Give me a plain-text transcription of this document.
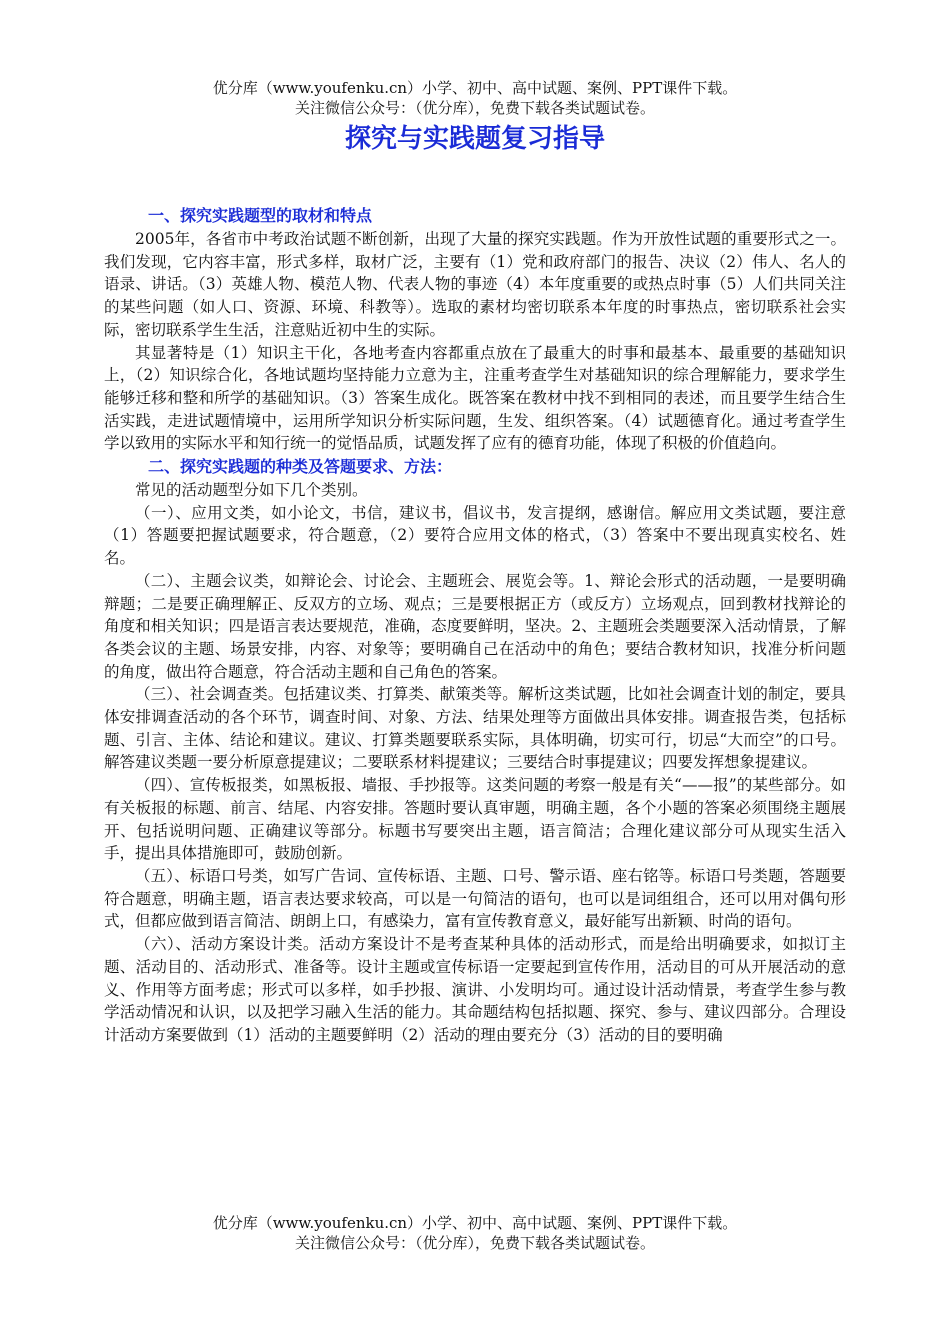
优分库（www.youfenku.cn）小学、初中、高中试题、案例、PPT课件下载。
关注微信公众号：（优分库），免费下载各类试题试卷。
探究与实践题复习指导
一、探究实践题型的取材和特点

2005年，各省市中考政治试题不断创新，出现了大量的探究实践题。作为开放性试题的重要形式之一。我们发现，它内容丰富，形式多样，取材广泛，主要有（1）党和政府部门的报告、决议（2）伟人、名人的语录、讲话。（3）英雄人物、模范人物、代表人物的事迹（4）本年度重要的或热点时事（5）人们共同关注的某些问题（如人口、资源、环境、科教等）。选取的素材均密切联系本年度的时事热点，密切联系社会实际，密切联系学生生活，注意贴近初中生的实际。

其显著特是（1）知识主干化，各地考查内容都重点放在了最重大的时事和最基本、最重要的基础知识上，（2）知识综合化，各地试题均坚持能力立意为主，注重考查学生对基础知识的综合理解能力，要求学生能够迁移和整和所学的基础知识。（3）答案生成化。既答案在教材中找不到相同的表述，而且要学生结合生活实践，走进试题情境中，运用所学知识分析实际问题，生发、组织答案。（4）试题德育化。通过考查学生学以致用的实际水平和知行统一的觉悟品质，试题发挥了应有的德育功能，体现了积极的价值趋向。

二、探究实践题的种类及答题要求、方法：

常见的活动题型分如下几个类别。

（一）、应用文类，如小论文，书信，建议书，倡议书，发言提纲，感谢信。解应用文类试题，要注意（1）答题要把握试题要求，符合题意，（2）要符合应用文体的格式，（3）答案中不要出现真实校名、姓名。

（二）、主题会议类，如辩论会、讨论会、主题班会、展览会等。1、辩论会形式的活动题，一是要明确辩题；二是要正确理解正、反双方的立场、观点；三是要根据正方（或反方）立场观点，回到教材找辩论的角度和相关知识；四是语言表达要规范，准确，态度要鲜明，坚决。2、主题班会类题要深入活动情景，了解各类会议的主题、场景安排，内容、对象等；要明确自己在活动中的角色；要结合教材知识，找准分析问题的角度，做出符合题意，符合活动主题和自己角色的答案。

（三）、社会调查类。包括建议类、打算类、献策类等。解析这类试题，比如社会调查计划的制定，要具体安排调查活动的各个环节，调查时间、对象、方法、结果处理等方面做出具体安排。调查报告类，包括标题、引言、主体、结论和建议。建议、打算类题要联系实际，具体明确，切实可行，切忌“大而空”的口号。解答建议类题一要分析原意提建议；二要联系材料提建议；三要结合时事提建议；四要发挥想象提建议。

（四）、宣传板报类，如黑板报、墙报、手抄报等。这类问题的考察一般是有关“——报”的某些部分。如有关板报的标题、前言、结尾、内容安排。答题时要认真审题，明确主题，各个小题的答案必须围绕主题展开、包括说明问题、正确建议等部分。标题书写要突出主题，语言简洁；合理化建议部分可从现实生活入手，提出具体措施即可，鼓励创新。

（五）、标语口号类，如写广告词、宣传标语、主题、口号、警示语、座右铭等。标语口号类题，答题要符合题意，明确主题，语言表达要求较高，可以是一句简洁的语句，也可以是词组组合，还可以用对偶句形式，但都应做到语言简洁、朗朗上口，有感染力，富有宣传教育意义，最好能写出新颖、时尚的语句。

（六）、活动方案设计类。活动方案设计不是考查某种具体的活动形式，而是给出明确要求，如拟订主题、活动目的、活动形式、准备等。设计主题或宣传标语一定要起到宣传作用，活动目的可从开展活动的意义、作用等方面考虑；形式可以多样，如手抄报、演讲、小发明均可。通过设计活动情景，考查学生参与教学活动情况和认识，以及把学习融入生活的能力。其命题结构包括拟题、探究、参与、建议四部分。合理设计活动方案要做到（1）活动的主题要鲜明（2）活动的理由要充分（3）活动的目的要明确

优分库（www.youfenku.cn）小学、初中、高中试题、案例、PPT课件下载。
关注微信公众号：（优分库），免费下载各类试题试卷。
